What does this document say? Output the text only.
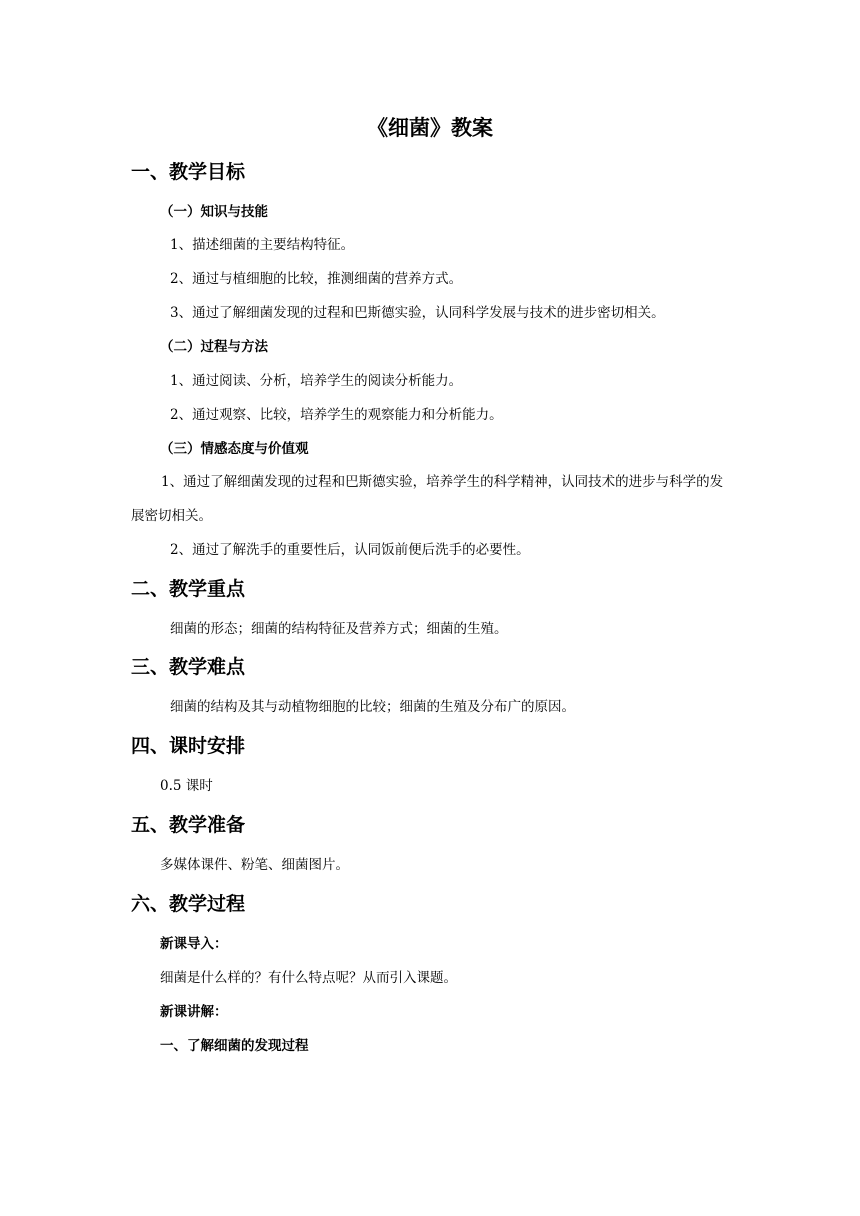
《细菌》教案
一、教学目标
（一）知识与技能

1、描述细菌的主要结构特征。

2、通过与植细胞的比较，推测细菌的营养方式。

3、通过了解细菌发现的过程和巴斯德实验，认同科学发展与技术的进步密切相关。

（二）过程与方法

1、通过阅读、分析，培养学生的阅读分析能力。

2、通过观察、比较，培养学生的观察能力和分析能力。

（三）情感态度与价值观

1、通过了解细菌发现的过程和巴斯德实验，培养学生的科学精神，认同技术的进步与科学的发展密切相关。

2、通过了解洗手的重要性后，认同饭前便后洗手的必要性。

二、教学重点

细菌的形态；细菌的结构特征及营养方式；细菌的生殖。

三、教学难点

细菌的结构及其与动植物细胞的比较；细菌的生殖及分布广的原因。

四、课时安排

0.5 课时

五、教学准备

多媒体课件、粉笔、细菌图片。

六、教学过程
新课导入：

细菌是什么样的？有什么特点呢？从而引入课题。

新课讲解：
一、了解细菌的发现过程
